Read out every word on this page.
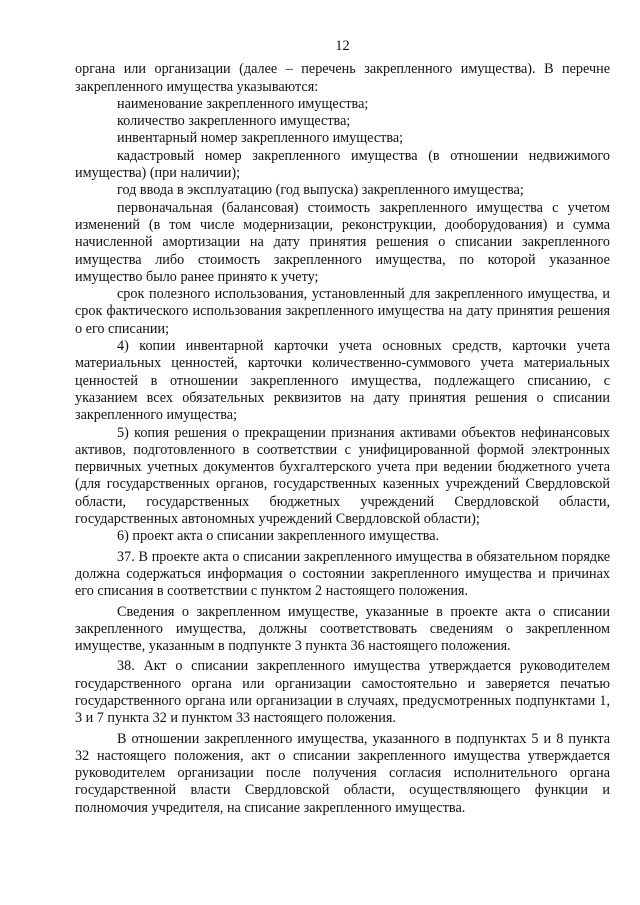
12

органа или организации (далее – перечень закрепленного имущества). В перечне закрепленного имущества указываются:

наименование закрепленного имущества;

количество закрепленного имущества;

инвентарный номер закрепленного имущества;

кадастровый номер закрепленного имущества (в отношении недвижимого имущества) (при наличии);

год ввода в эксплуатацию (год выпуска) закрепленного имущества;

первоначальная (балансовая) стоимость закрепленного имущества с учетом изменений (в том числе модернизации, реконструкции, дооборудования) и сумма начисленной амортизации на дату принятия решения о списании закрепленного имущества либо стоимость закрепленного имущества, по которой указанное имущество было ранее принято к учету;

срок полезного использования, установленный для закрепленного имущества, и срок фактического использования закрепленного имущества на дату принятия решения о его списании;

4) копии инвентарной карточки учета основных средств, карточки учета материальных ценностей, карточки количественно-суммового учета материальных ценностей в отношении закрепленного имущества, подлежащего списанию, с указанием всех обязательных реквизитов на дату принятия решения о списании закрепленного имущества;

5) копия решения о прекращении признания активами объектов нефинансовых активов, подготовленного в соответствии с унифицированной формой электронных первичных учетных документов бухгалтерского учета при ведении бюджетного учета (для государственных органов, государственных казенных учреждений Свердловской области, государственных бюджетных учреждений Свердловской области, государственных автономных учреждений Свердловской области);

6) проект акта о списании закрепленного имущества.

37. В проекте акта о списании закрепленного имущества в обязательном порядке должна содержаться информация о состоянии закрепленного имущества и причинах его списания в соответствии с пунктом 2 настоящего положения.

Сведения о закрепленном имуществе, указанные в проекте акта о списании закрепленного имущества, должны соответствовать сведениям о закрепленном имуществе, указанным в подпункте 3 пункта 36 настоящего положения.

38. Акт о списании закрепленного имущества утверждается руководителем государственного органа или организации самостоятельно и заверяется печатью государственного органа или организации в случаях, предусмотренных подпунктами 1, 3 и 7 пункта 32 и пунктом 33 настоящего положения.

В отношении закрепленного имущества, указанного в подпунктах 5 и 8 пункта 32 настоящего положения, акт о списании закрепленного имущества утверждается руководителем организации после получения согласия исполнительного органа государственной власти Свердловской области, осуществляющего функции и полномочия учредителя, на списание закрепленного имущества.
